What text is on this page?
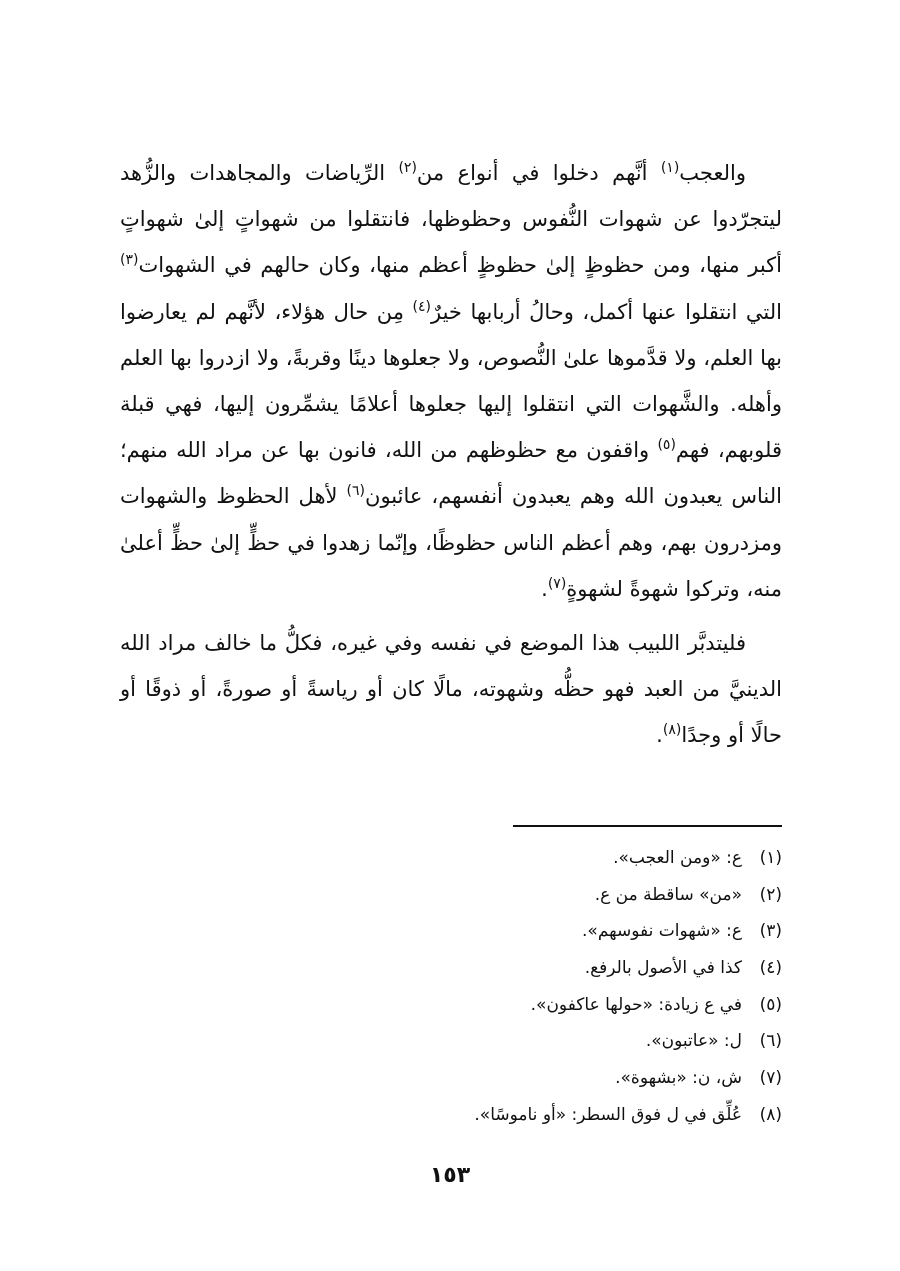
والعجب$^{(١)}$ أنَّهم دخلوا في أنواع من$^{(٢)}$ الرِّياضات والمجاهدات والزُّهد ليتجرّدوا عن شهوات النُّفوس وحظوظها، فانتقلوا من شهواتٍ إلىٰ شهواتٍ أكبر منها، ومن حظوظٍ إلىٰ حظوظٍ أعظم منها، وكان حالهم في الشهوات$^{(٣)}$ التي انتقلوا عنها أكمل، وحالُ أربابها خيرٌ$^{(٤)}$ مِن حال هؤلاء، لأنَّهم لم يعارضوا بها العلم، ولا قدَّموها علىٰ النُّصوص، ولا جعلوها دينًا وقربةً، ولا ازدروا بها العلم وأهله. والشَّهوات التي انتقلوا إليها جعلوها أعلامًا يشمِّرون إليها، فهي قبلة قلوبهم، فهم$^{(٥)}$ واقفون مع حظوظهم من الله، فانون بها عن مراد الله منهم؛ الناس يعبدون الله وهم يعبدون أنفسهم، عائبون$^{(٦)}$ لأهل الحظوظ والشهوات ومزدرون بهم، وهم أعظم الناس حظوظًا، وإنّما زهدوا في حظٍّ إلىٰ حظٍّ أعلىٰ منه، وتركوا شهوةً لشهوةٍ$^{(٧)}$.

فليتدبَّر اللبيب هذا الموضع في نفسه وفي غيره، فكلُّ ما خالف مراد الله الدينيَّ من العبد فهو حظُّه وشهوته، مالًا كان أو رياسةً أو صورةً، أو ذوقًا أو حالًا أو وجدًا$^{(٨)}$.

(١)ع: «ومن العجب».
(٢)«من» ساقطة من ع.
(٣)ع: «شهوات نفوسهم».
(٤)كذا في الأصول بالرفع.
(٥)في ع زيادة: «حولها عاكفون».
(٦)ل: «عاتبون».
(٧)ش، ن: «بشهوة».
(٨)عُلِّق في ل فوق السطر: «أو ناموسًا».
١٥٣
